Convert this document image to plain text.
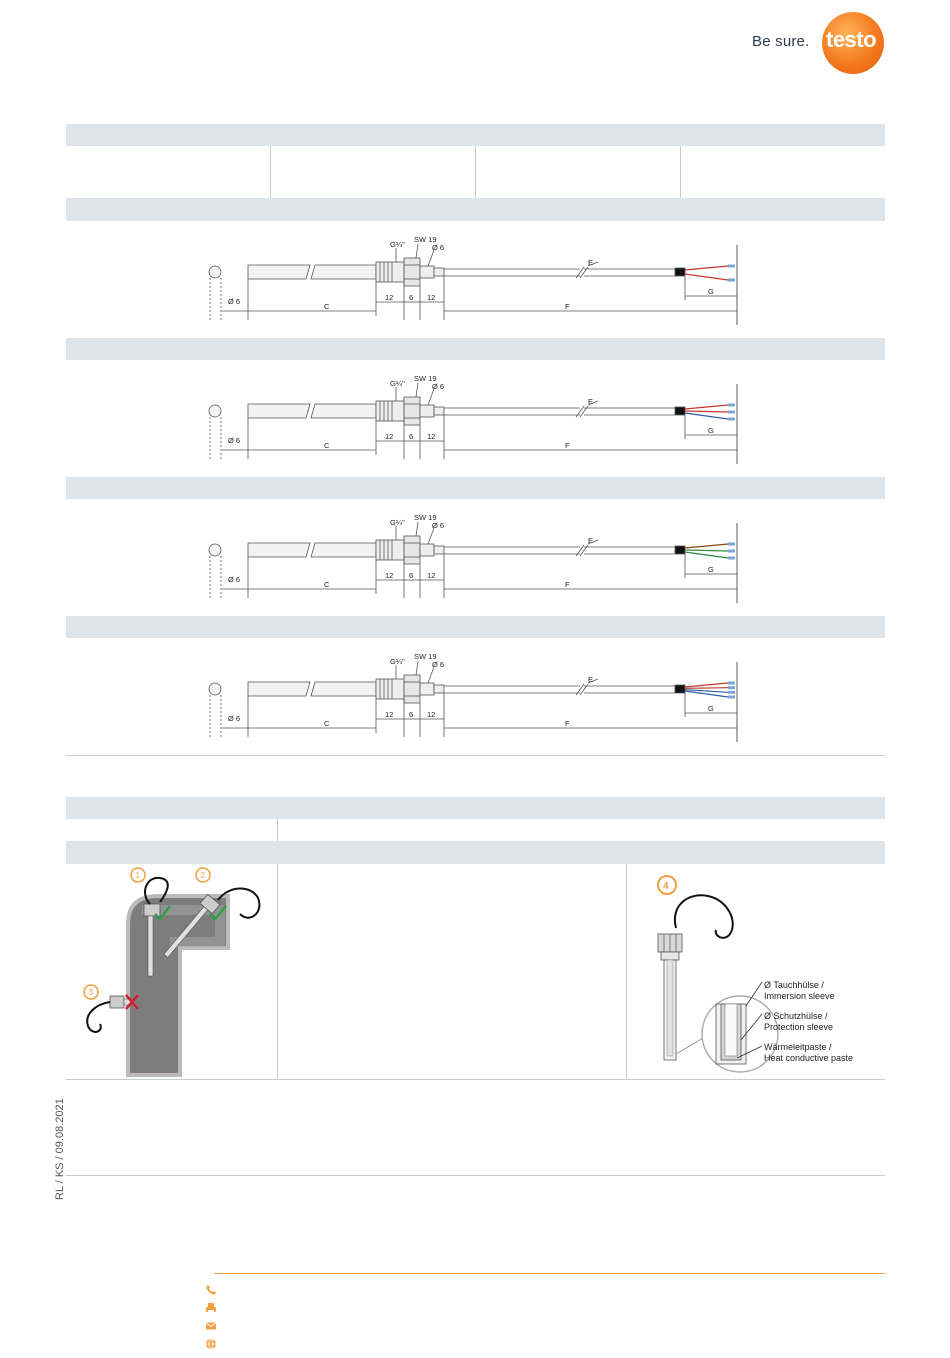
Be sure. testo
G¼"
SW 19
Ø 6
Ø 6
C
12 6 12
E
F
G
G¼"
SW 19
Ø 6
Ø 6
C
12 6 12
E
F
G
G¼"
SW 19
Ø 6
Ø 6
C
12 6 12
E
F
G
G¼"
SW 19
Ø 6
Ø 6
C
12 6 12
E
F
G
1	2
3
4
Ø Tauchhülse /
Immersion sleeve
Ø Schutzhülse /
Protection sleeve
Wärmeleitpaste /
Heat conductive paste
RL / KS / 09.08.2021
